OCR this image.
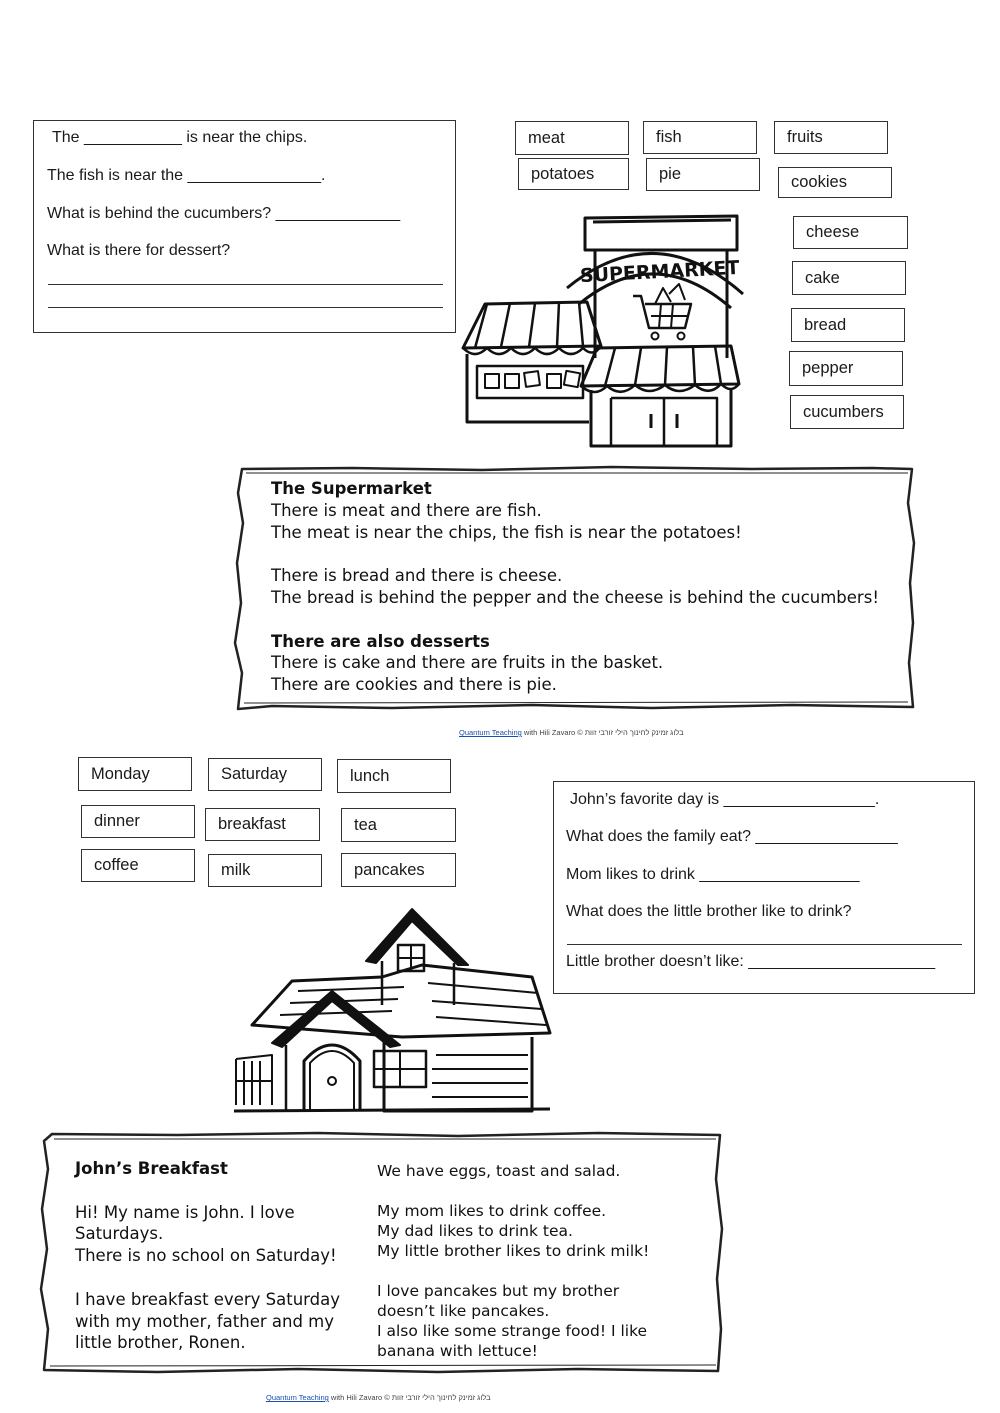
The ___________ is near the chips.
The fish is near the _______________.
What is behind the cucumbers? ______________
What is there for dessert?
meat	fish	fruits
potatoes	pie	cookies
cheese
cake
bread
pepper
cucumbers
SUPERMARKET
The Supermarket
There is meat and there are fish.
The meat is near the chips, the fish is near the potatoes!
There is bread and there is cheese.
The bread is behind the pepper and the cheese is behind the cucumbers!
There are also desserts
There is cake and there are fruits in the basket.
There are cookies and there is pie.
Quantum Teaching with Hili Zavaro © בלוג זמינק לחינוך הילי זורבי זוות
Monday	Saturday	lunch
dinner	breakfast	tea
coffee	milk	pancakes
John’s favorite day is _________________.
What does the family eat? ________________
Mom likes to drink __________________
What does the little brother like to drink?
Little brother doesn’t like: _____________________
John’s Breakfast
Hi! My name is John. I love
Saturdays.
There is no school on Saturday!
I have breakfast every Saturday
with my mother, father and my
little brother, Ronen.
We have eggs, toast and salad.
My mom likes to drink coffee.
My dad likes to drink tea.
My little brother likes to drink milk!
I love pancakes but my brother
doesn’t like pancakes.
I also like some strange food! I like
banana with lettuce!
Quantum Teaching with Hili Zavaro © בלוג זמינק לחינוך הילי זורבי זוות
